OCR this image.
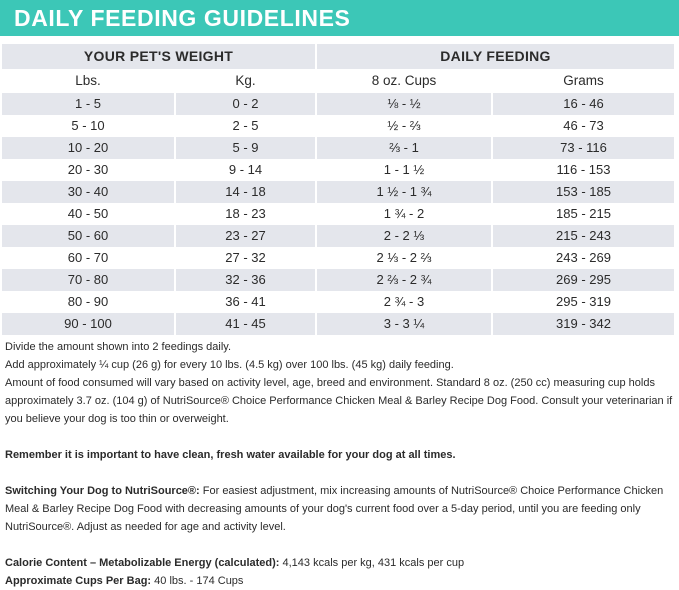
DAILY FEEDING GUIDELINES
YOUR PET'S WEIGHT		DAILY FEEDING	
Lbs.	Kg.	8 oz. Cups	Grams
1 - 5	0 - 2	⅛ - ½	16 - 46
5 - 10	2 - 5	½ - ⅔	46 - 73
10 - 20	5 - 9	⅔ - 1	73 - 116
20 - 30	9 - 14	1 - 1 ½	116 - 153
30 - 40	14 - 18	1 ½ - 1 ¾	153 - 185
40 - 50	18 - 23	1 ¾ - 2	185 - 215
50 - 60	23 - 27	2 - 2 ⅓	215 - 243
60 - 70	27 - 32	2 ⅓ - 2 ⅔	243 - 269
70 - 80	32 - 36	2 ⅔ - 2 ¾	269 - 295
80 - 90	36 - 41	2 ¾ - 3	295 - 319
90 - 100	41 - 45	3 - 3 ¼	319 - 342

Divide the amount shown into 2 feedings daily.

Add approximately ¼ cup (26 g) for every 10 lbs. (4.5 kg) over 100 lbs. (45 kg) daily feeding.

Amount of food consumed will vary based on activity level, age, breed and environment. Standard 8 oz. (250 cc) measuring cup holds approximately 3.7 oz. (104 g) of NutriSource® Choice Performance Chicken Meal & Barley Recipe Dog Food. Consult your veterinarian if you believe your dog is too thin or overweight.

Remember it is important to have clean, fresh water available for your dog at all times.

Switching Your Dog to NutriSource®: For easiest adjustment, mix increasing amounts of NutriSource® Choice Performance Chicken Meal & Barley Recipe Dog Food with decreasing amounts of your dog's current food over a 5-day period, until you are feeding only NutriSource®. Adjust as needed for age and activity level.

Calorie Content – Metabolizable Energy (calculated): 4,143 kcals per kg, 431 kcals per cup

Approximate Cups Per Bag: 40 lbs. - 174 Cups
